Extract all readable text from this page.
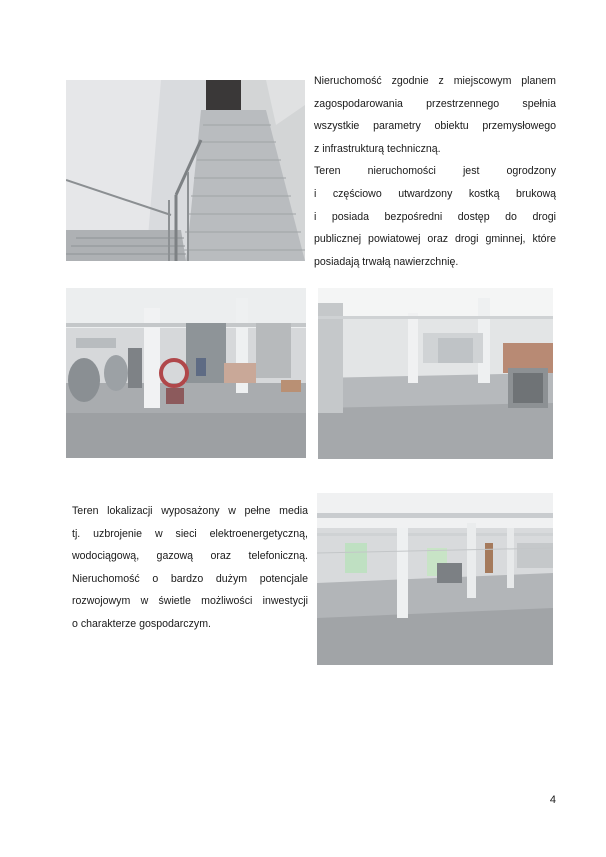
Nieruchomość zgodnie z miejscowym planem
zagospodarowania przestrzennego spełnia
wszystkie parametry obiektu przemysłowego
z infrastrukturą techniczną.
Teren nieruchomości jest ogrodzony
i częściowo utwardzony kostką brukową
i posiada bezpośredni dostęp do drogi
publicznej powiatowej oraz drogi gminnej, które
posiadają trwałą nawierzchnię.
Teren lokalizacji wyposażony w pełne media
tj. uzbrojenie w sieci elektroenergetyczną,
wodociągową, gazową oraz telefoniczną.
Nieruchomość o bardzo dużym potencjale
rozwojowym w świetle możliwości inwestycji
o charakterze gospodarczym.
4
